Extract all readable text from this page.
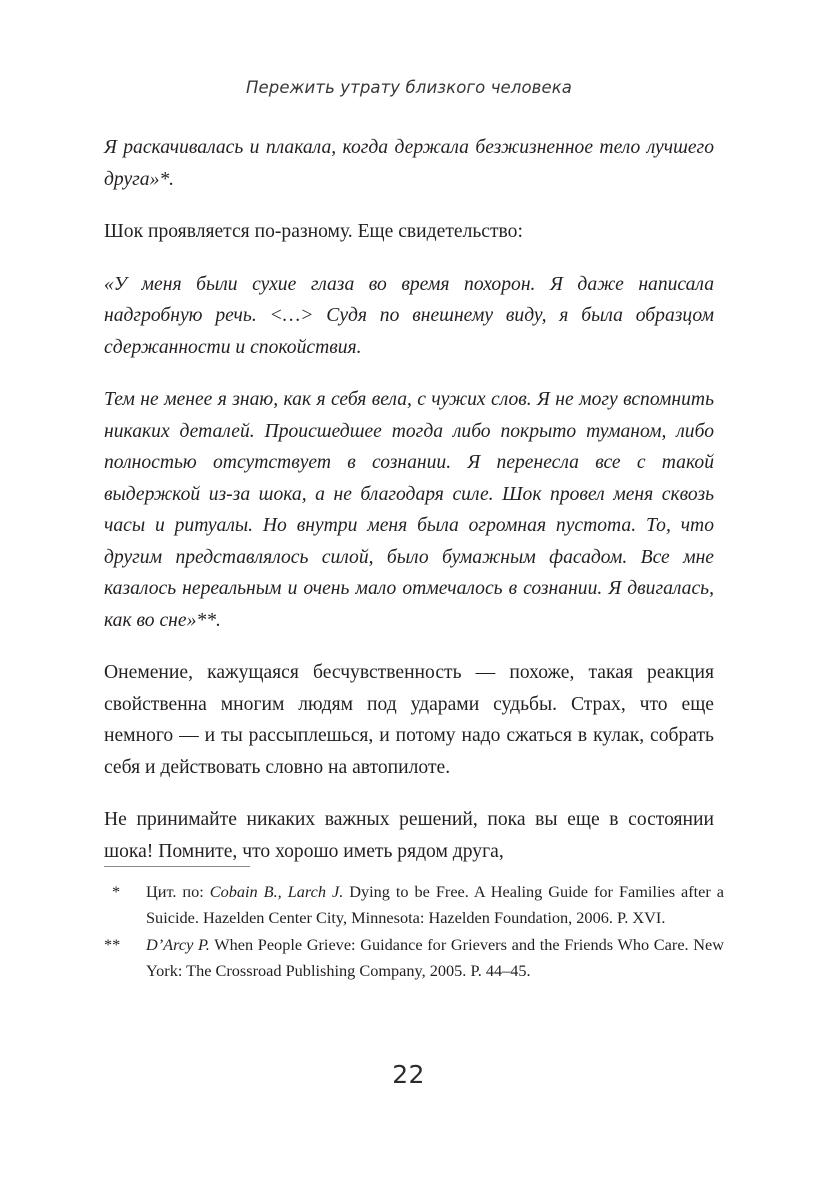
Пережить утрату близкого человека

Я раскачивалась и плакала, когда держала безжизненное тело лучшего друга»*.

Шок проявляется по-разному. Еще свидетельство:

«У меня были сухие глаза во время похорон. Я даже написала надгробную речь. <…> Судя по внешнему виду, я была образцом сдержанности и спокойствия.

Тем не менее я знаю, как я себя вела, с чужих слов. Я не могу вспомнить никаких деталей. Происшедшее тогда либо покрыто туманом, либо полностью отсутствует в сознании. Я перенесла все с такой выдержкой из-за шока, а не благодаря силе. Шок провел меня сквозь часы и ритуалы. Но внутри меня была огромная пустота. То, что другим представлялось силой, было бумажным фасадом. Все мне казалось нереальным и очень мало отмечалось в сознании. Я двигалась, как во сне»**.

Онемение, кажущаяся бесчувственность — похоже, такая реакция свойственна многим людям под ударами судьбы. Страх, что еще немного — и ты рассыплешься, и потому надо сжаться в кулак, собрать себя и действовать словно на автопилоте.

Не принимайте никаких важных решений, пока вы еще в состоянии шока! Помните, что хорошо иметь рядом друга,

*	Цит. по: Cobain B., Larch J. Dying to be Free. A Healing Guide for Families after a Suicide. Hazelden Center City, Minnesota: Hazelden Foundation, 2006. P. XVI.
**	D’Arcy P. When People Grieve: Guidance for Grievers and the Friends Who Care. New York: The Crossroad Publishing Company, 2005. P. 44–45.
22
